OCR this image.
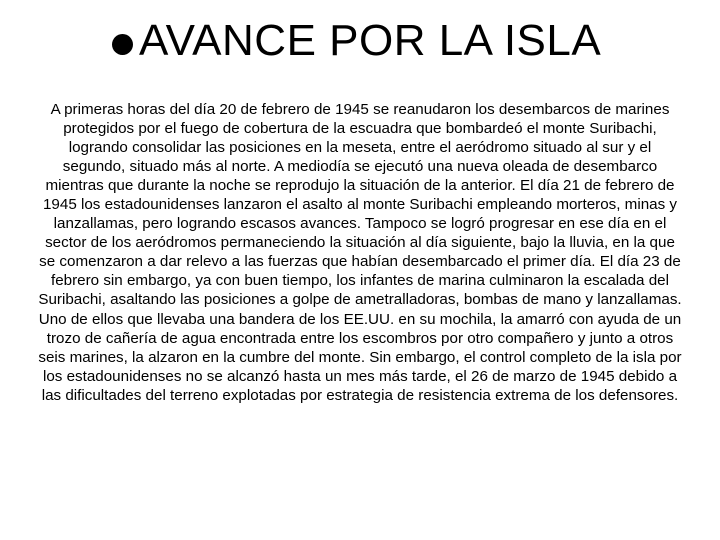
AVANCE POR LA ISLA

A primeras horas del día 20 de febrero de 1945 se reanudaron los desembarcos de marines protegidos por el fuego de cobertura de la escuadra que bombardeó el monte Suribachi, logrando consolidar las posiciones en la meseta, entre el aeródromo situado al sur y el segundo, situado más al norte. A mediodía se ejecutó una nueva oleada de desembarco mientras que durante la noche se reprodujo la situación de la anterior. El día 21 de febrero de 1945 los estadounidenses lanzaron el asalto al monte Suribachi empleando morteros, minas y lanzallamas, pero logrando escasos avances. Tampoco se logró progresar en ese día en el sector de los aeródromos permaneciendo la situación al día siguiente, bajo la lluvia, en la que se comenzaron a dar relevo a las fuerzas que habían desembarcado el primer día. El día 23 de febrero sin embargo, ya con buen tiempo, los infantes de marina culminaron la escalada del Suribachi, asaltando las posiciones a golpe de ametralladoras, bombas de mano y lanzallamas. Uno de ellos que llevaba una bandera de los EE.UU. en su mochila, la amarró con ayuda de un trozo de cañería de agua encontrada entre los escombros por otro compañero y junto a otros seis marines, la alzaron en la cumbre del monte. Sin embargo, el control completo de la isla por los estadounidenses no se alcanzó hasta un mes más tarde, el 26 de marzo de 1945 debido a las dificultades del terreno explotadas por estrategia de resistencia extrema de los defensores.
